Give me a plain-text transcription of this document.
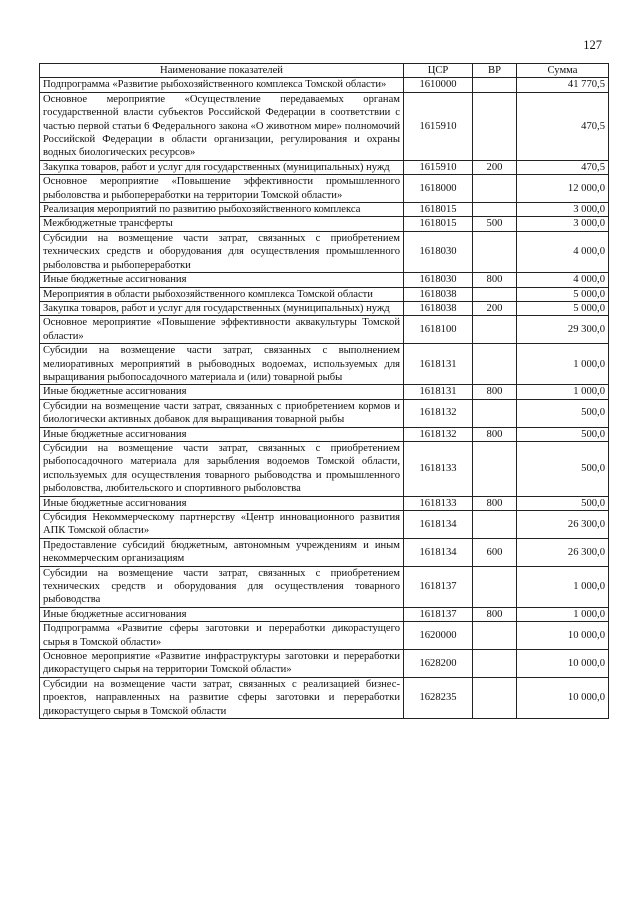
127
Наименование показателей	ЦСР	ВР	Сумма
Подпрограмма «Развитие рыбохозяйственного комплекса Томской области»	1610000		41 770,5
Основное мероприятие «Осуществление передаваемых органам государственной власти субъектов Российской Федерации в соответствии с частью первой статьи 6 Федерального закона «О животном мире» полномочий Российской Федерации в области организации, регулирования и охраны водных биологических ресурсов»	1615910		470,5
Закупка товаров, работ и услуг для государственных (муниципальных) нужд	1615910	200	470,5
Основное мероприятие «Повышение эффективности промышленного рыболовства и рыбопереработки на территории Томской области»	1618000		12 000,0
Реализация мероприятий по развитию рыбохозяйственного комплекса	1618015		3 000,0
Межбюджетные трансферты	1618015	500	3 000,0
Субсидии на возмещение части затрат, связанных с приобретением технических средств и оборудования для осуществления промышленного рыболовства и рыбопереработки	1618030		4 000,0
Иные бюджетные ассигнования	1618030	800	4 000,0
Мероприятия в области рыбохозяйственного комплекса Томской области	1618038		5 000,0
Закупка товаров, работ и услуг для государственных (муниципальных) нужд	1618038	200	5 000,0
Основное мероприятие «Повышение эффективности аквакультуры Томской области»	1618100		29 300,0
Субсидии на возмещение части затрат, связанных с выполнением мелиоративных мероприятий в рыбоводных водоемах, используемых для выращивания рыбопосадочного материала и (или) товарной рыбы	1618131		1 000,0
Иные бюджетные ассигнования	1618131	800	1 000,0
Субсидии на возмещение части затрат, связанных с приобретением кормов и биологически активных добавок для выращивания товарной рыбы	1618132		500,0
Иные бюджетные ассигнования	1618132	800	500,0
Субсидии на возмещение части затрат, связанных с приобретением рыбопосадочного материала для зарыбления водоемов Томской области, используемых для осуществления товарного рыбоводства и промышленного рыболовства, любительского и спортивного рыболовства	1618133		500,0
Иные бюджетные ассигнования	1618133	800	500,0
Субсидия Некоммерческому партнерству «Центр инновационного развития АПК Томской области»	1618134		26 300,0
Предоставление субсидий бюджетным, автономным учреждениям и иным некоммерческим организациям	1618134	600	26 300,0
Субсидии на возмещение части затрат, связанных с приобретением технических средств и оборудования для осуществления товарного рыбоводства	1618137		1 000,0
Иные бюджетные ассигнования	1618137	800	1 000,0
Подпрограмма «Развитие сферы заготовки и переработки дикорастущего сырья в Томской области»	1620000		10 000,0
Основное мероприятие «Развитие инфраструктуры заготовки и переработки дикорастущего сырья на территории Томской области»	1628200		10 000,0
Субсидии на возмещение части затрат, связанных с реализацией бизнес-проектов, направленных на развитие сферы заготовки и переработки дикорастущего сырья в Томской области	1628235		10 000,0
